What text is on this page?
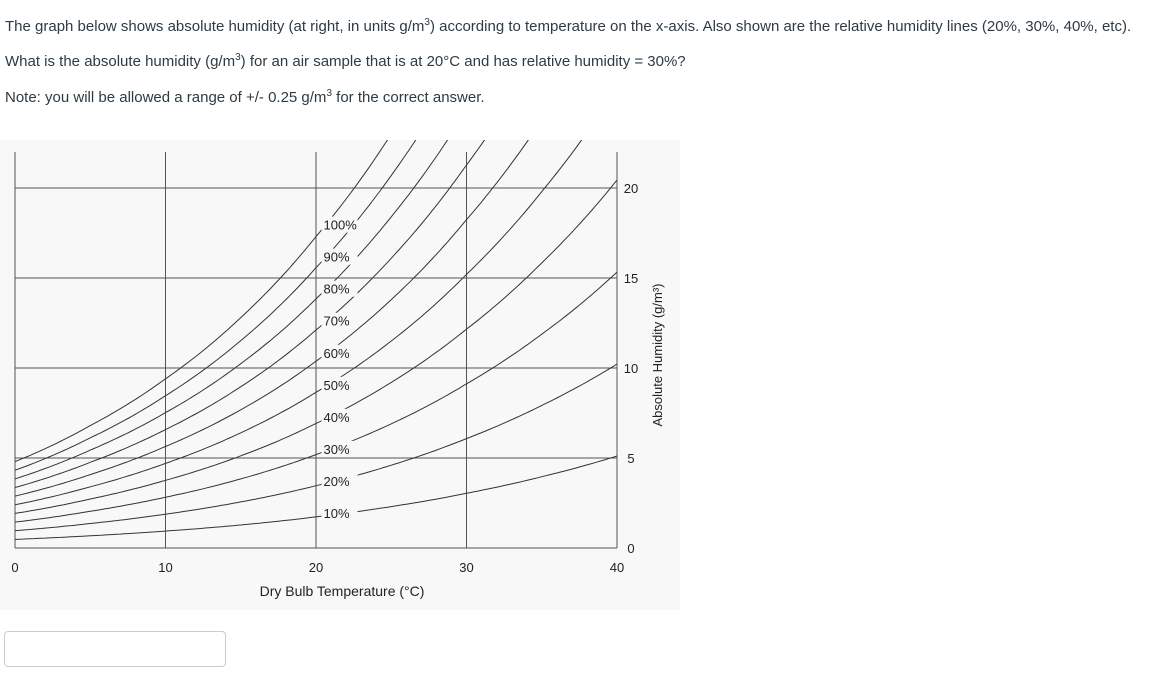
The graph below shows absolute humidity (at right, in units $g/m^3$) according to temperature on the x-axis. Also shown are the relative humidity lines (20%, 30%, 40%, etc).

What is the absolute humidity $(g/m^3)$ for an air sample that is at 20°C and has relative humidity = 30%?

Note: you will be allowed a range of +/- 0.25 $g/m^3$ for the correct answer.

10%
20%
30%
40%
50%
60%
70%
80%
90%
100%
0	10	20	30	40
0
5
10
15
20
Dry Bulb Temperature (°C)
Absolute Humidity (g/m³)
